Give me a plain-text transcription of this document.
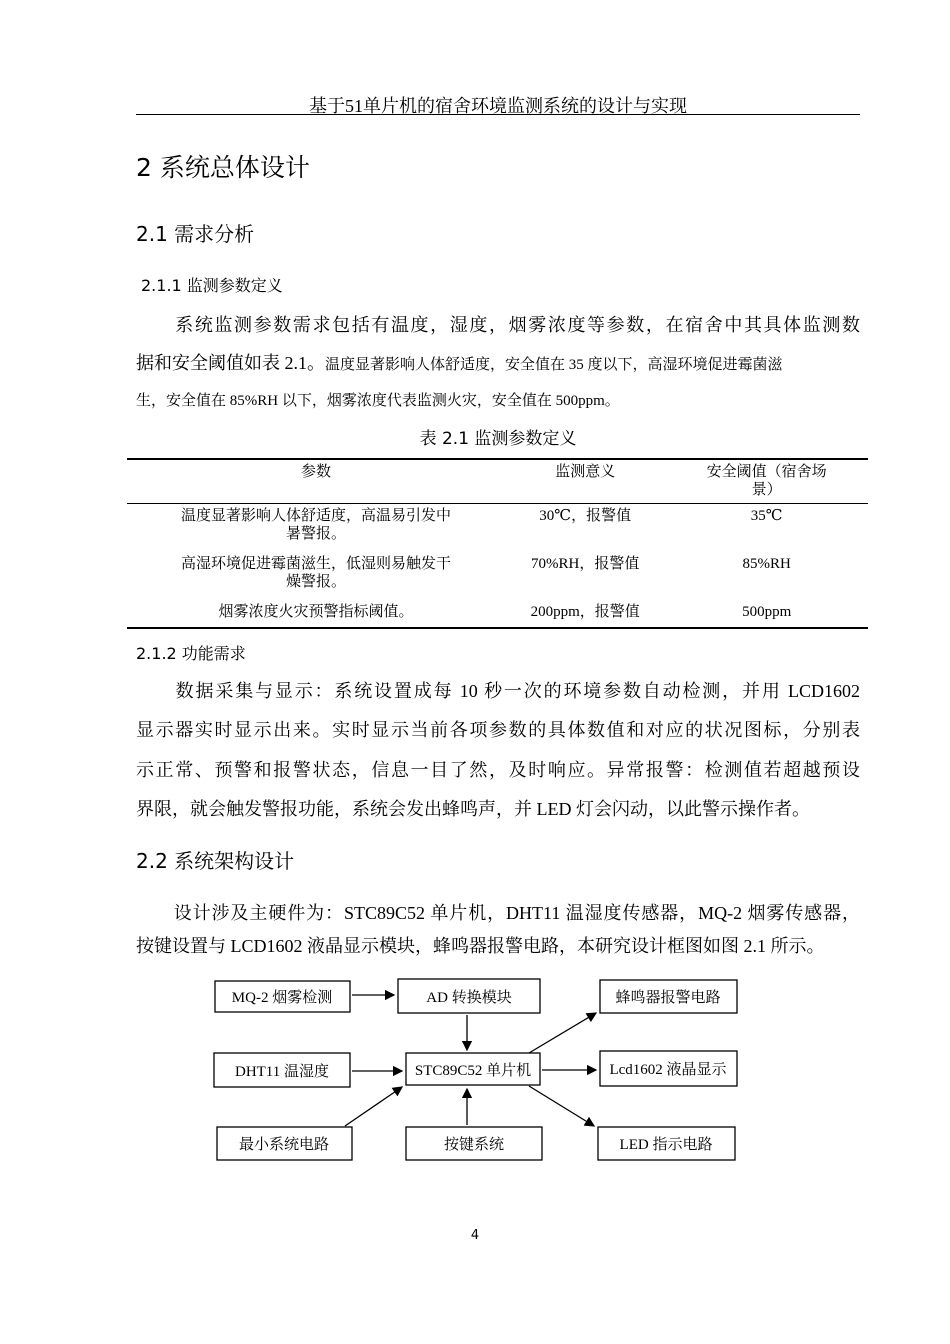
基于51单片机的宿舍环境监测系统的设计与实现
2 系统总体设计
2.1 需求分析
2.1.1 监测参数定义
　　系统监测参数需求包括有温度，湿度，烟雾浓度等参数，在宿舍中其具体监测数
据和安全阈值如表 2.1。温度显著影响人体舒适度，安全值在 35 度以下，高湿环境促进霉菌滋
生，安全值在 85%RH 以下，烟雾浓度代表监测火灾，安全值在 500ppm。
表 2.1 监测参数定义
参数	监测意义	安全阈值（宿舍场景）

温度显著影响人体舒适度，高温易引发中暑警报。	30℃，报警值	35℃

高湿环境促进霉菌滋生，低湿则易触发干燥警报。	70%RH，报警值	85%RH

烟雾浓度火灾预警指标阈值。	200ppm，报警值	500ppm
2.1.2 功能需求
　　数据采集与显示：系统设置成每 10 秒一次的环境参数自动检测，并用 LCD1602
显示器实时显示出来。实时显示当前各项参数的具体数值和对应的状况图标，分别表
示正常、预警和报警状态，信息一目了然，及时响应。异常报警：检测值若超越预设
界限，就会触发警报功能，系统会发出蜂鸣声，并 LED 灯会闪动，以此警示操作者。
2.2 系统架构设计
　　设计涉及主硬件为：STC89C52 单片机，DHT11 温湿度传感器，MQ-2 烟雾传感器，
按键设置与 LCD1602 液晶显示模块，蜂鸣器报警电路，本研究设计框图如图 2.1 所示。
MQ-2 烟雾检测	AD 转换模块	蜂鸣器报警电路
DHT11 温湿度	STC89C52 单片机	Lcd1602 液晶显示
最小系统电路	按键系统	LED 指示电路
4
